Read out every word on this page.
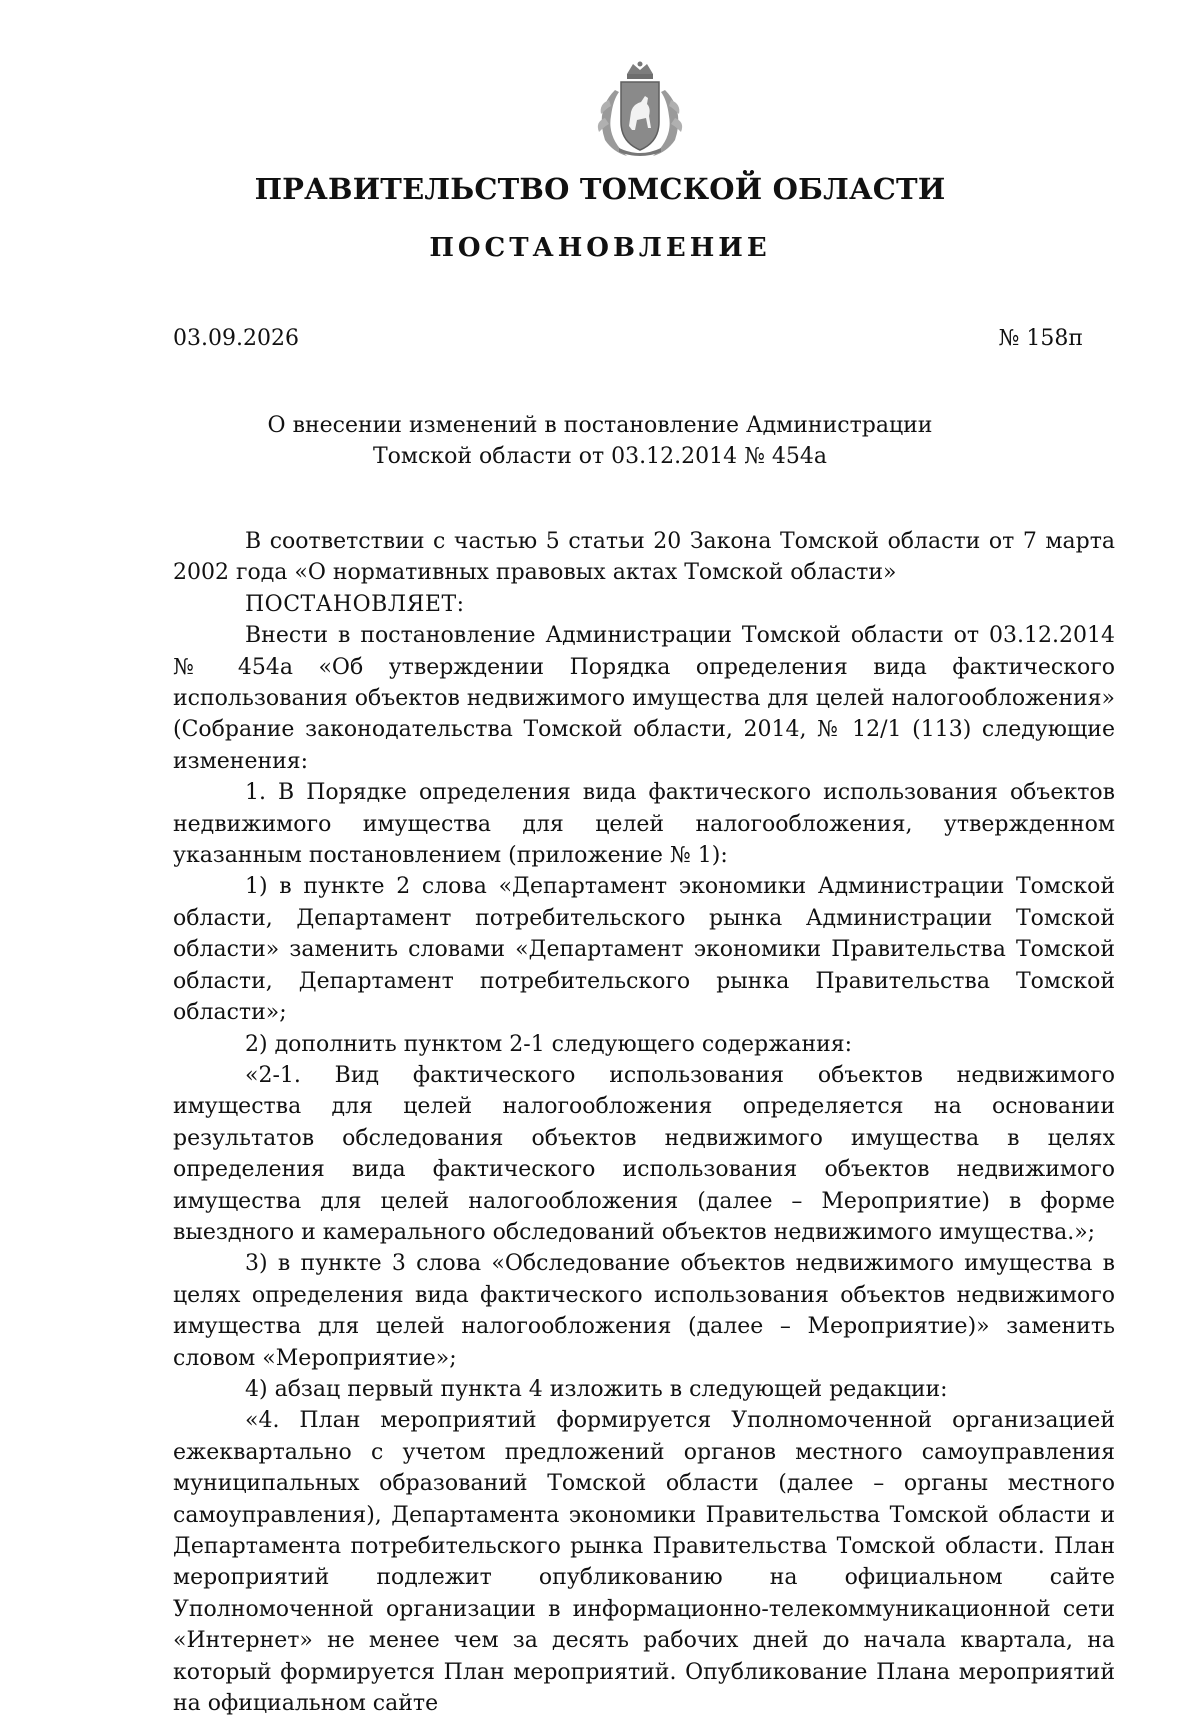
ПРАВИТЕЛЬСТВО ТОМСКОЙ ОБЛАСТИ
ПОСТАНОВЛЕНИЕ
03.09.2026	№ 158п
О внесении изменений в постановление Администрации
Томской области от 03.12.2014 № 454а

В соответствии с частью 5 статьи 20 Закона Томской области от 7 марта 2002 года «О нормативных правовых актах Томской области»

ПОСТАНОВЛЯЕТ:

Внести в постановление Администрации Томской области от 03.12.2014 № 454а «Об утверждении Порядка определения вида фактического использования объектов недвижимого имущества для целей налогообложения» (Собрание законодательства Томской области, 2014, № 12/1 (113) следующие изменения:

1. В Порядке определения вида фактического использования объектов недвижимого имущества для целей налогообложения, утвержденном указанным постановлением (приложение № 1):

1) в пункте 2 слова «Департамент экономики Администрации Томской области, Департамент потребительского рынка Администрации Томской области» заменить словами «Департамент экономики Правительства Томской области, Департамент потребительского рынка Правительства Томской области»;

2) дополнить пунктом 2-1 следующего содержания:

«2-1. Вид фактического использования объектов недвижимого имущества для целей налогообложения определяется на основании результатов обследования объектов недвижимого имущества в целях определения вида фактического использования объектов недвижимого имущества для целей налогообложения (далее – Мероприятие) в форме выездного и камерального обследований объектов недвижимого имущества.»;

3) в пункте 3 слова «Обследование объектов недвижимого имущества в целях определения вида фактического использования объектов недвижимого имущества для целей налогообложения (далее – Мероприятие)» заменить словом «Мероприятие»;

4) абзац первый пункта 4 изложить в следующей редакции:

«4. План мероприятий формируется Уполномоченной организацией ежеквартально с учетом предложений органов местного самоуправления муниципальных образований Томской области (далее – органы местного самоуправления), Департамента экономики Правительства Томской области и Департамента потребительского рынка Правительства Томской области. План мероприятий подлежит опубликованию на официальном сайте Уполномоченной организации в информационно-телекоммуникационной сети «Интернет» не менее чем за десять рабочих дней до начала квартала, на который формируется План мероприятий. Опубликование Плана мероприятий на официальном сайте
